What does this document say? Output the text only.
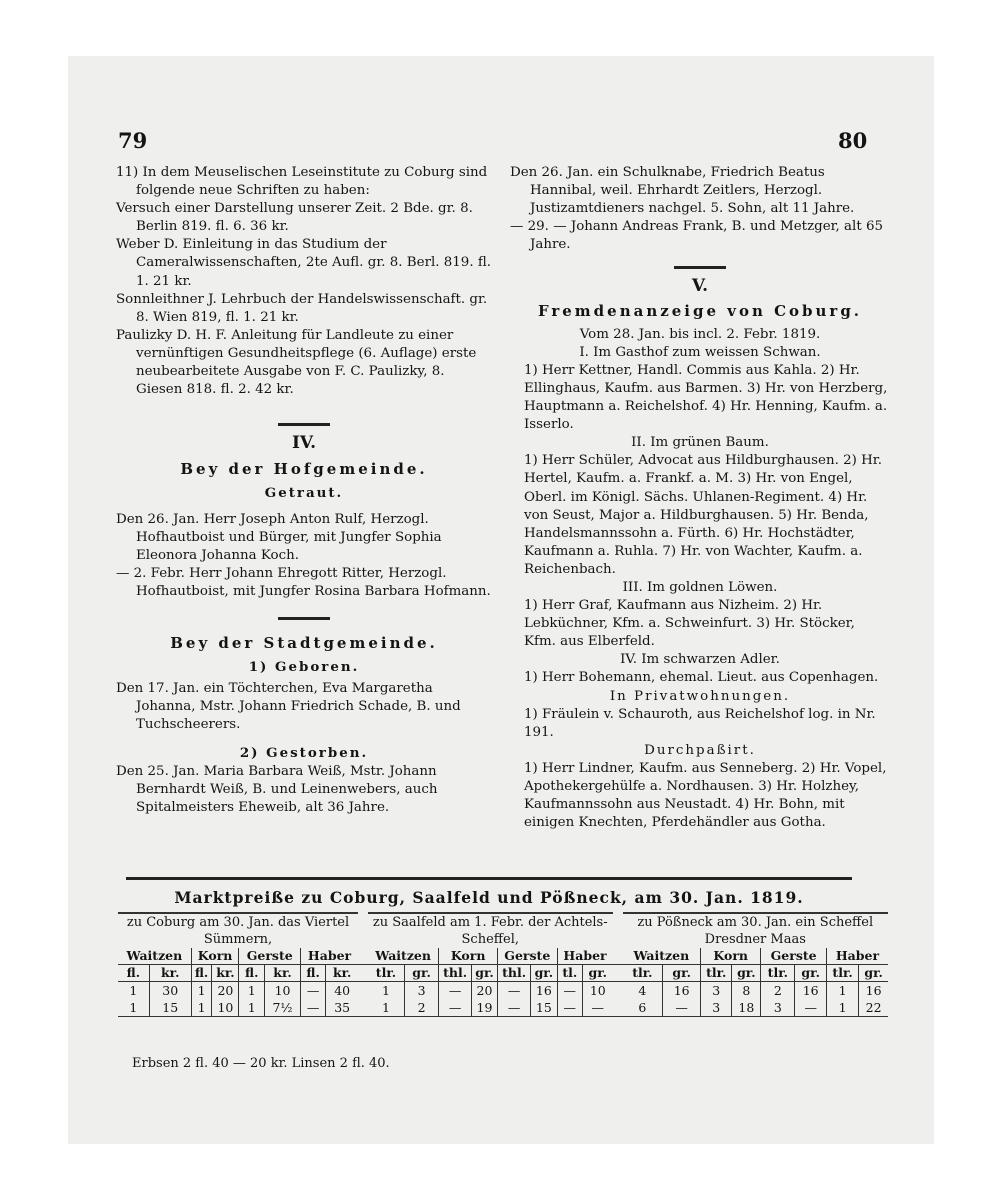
79	80

11) In dem Meuselischen Leseinstitute zu Coburg sind folgende neue Schriften zu haben:

Versuch einer Darstellung unserer Zeit. 2 Bde. gr. 8. Berlin 819. fl. 6. 36 kr.

Weber D. Einleitung in das Studium der Cameralwissenschaften, 2te Aufl. gr. 8. Berl. 819. fl. 1. 21 kr.

Sonnleithner J. Lehrbuch der Handelswissenschaft. gr. 8. Wien 819, fl. 1. 21 kr.

Paulizky D. H. F. Anleitung für Landleute zu einer vernünftigen Gesundheitspflege (6. Auflage) erste neubearbeitete Ausgabe von F. C. Paulizky, 8. Giesen 818. fl. 2. 42 kr.

IV.

Bey der Hofgemeinde.

Getraut.

Den 26. Jan. Herr Joseph Anton Rulf, Herzogl. Hofhautboist und Bürger, mit Jungfer Sophia Eleonora Johanna Koch.

— 2. Febr. Herr Johann Ehregott Ritter, Herzogl. Hofhautboist, mit Jungfer Rosina Barbara Hofmann.

Bey der Stadtgemeinde.

1) Geboren.

Den 17. Jan. ein Töchterchen, Eva Margaretha Johanna, Mstr. Johann Friedrich Schade, B. und Tuchscheerers.

2) Gestorben.

Den 25. Jan. Maria Barbara Weiß, Mstr. Johann Bernhardt Weiß, B. und Leinenwebers, auch Spitalmeisters Eheweib, alt 36 Jahre.

Den 26. Jan. ein Schulknabe, Friedrich Beatus Hannibal, weil. Ehrhardt Zeitlers, Herzogl. Justizamtdieners nachgel. 5. Sohn, alt 11 Jahre.

— 29. — Johann Andreas Frank, B. und Metzger, alt 65 Jahre.

V.

Fremdenanzeige von Coburg.

Vom 28. Jan. bis incl. 2. Febr. 1819.

I. Im Gasthof zum weissen Schwan.

1) Herr Kettner, Handl. Commis aus Kahla. 2) Hr. Ellinghaus, Kaufm. aus Barmen. 3) Hr. von Herzberg, Hauptmann a. Reichelshof. 4) Hr. Henning, Kaufm. a. Isserlo.

II. Im grünen Baum.

1) Herr Schüler, Advocat aus Hildburghausen. 2) Hr. Hertel, Kaufm. a. Frankf. a. M. 3) Hr. von Engel, Oberl. im Königl. Sächs. Uhlanen-Regiment. 4) Hr. von Seust, Major a. Hildburghausen. 5) Hr. Benda, Handelsmannssohn a. Fürth. 6) Hr. Hochstädter, Kaufmann a. Ruhla. 7) Hr. von Wachter, Kaufm. a. Reichenbach.

III. Im goldnen Löwen.

1) Herr Graf, Kaufmann aus Nizheim. 2) Hr. Lebküchner, Kfm. a. Schweinfurt. 3) Hr. Stöcker, Kfm. aus Elberfeld.

IV. Im schwarzen Adler.

1) Herr Bohemann, ehemal. Lieut. aus Copenhagen.

In Privatwohnungen.

1) Fräulein v. Schauroth, aus Reichelshof log. in Nr. 191.

Durchpaßirt.

1) Herr Lindner, Kaufm. aus Senneberg. 2) Hr. Vopel, Apothekergehülfe a. Nordhausen. 3) Hr. Holzhey, Kaufmannssohn aus Neustadt. 4) Hr. Bohn, mit einigen Knechten, Pferdehändler aus Gotha.

Marktpreiße zu Coburg, Saalfeld und Pößneck, am 30. Jan. 1819.
zu Coburg am 30. Jan. das Viertel Sümmern,									zu Saalfeld am 1. Febr. der Achtels-Scheffel,									zu Pößneck am 30. Jan. ein Scheffel Dresdner Maas							
Waitzen		Korn		Gerste		Haber			Waitzen		Korn		Gerste		Haber			Waitzen		Korn		Gerste		Haber	
fl.	kr.	fl.	kr.	fl.	kr.	fl.	kr.		tlr.	gr.	thl.	gr.	thl.	gr.	tl.	gr.		tlr.	gr.	tlr.	gr.	tlr.	gr.	tlr.	gr.
1	30	1	20	1	10	—	40		1	3	—	20	—	16	—	10		4	16	3	8	2	16	1	16
1	15	1	10	1	7½	—	35		1	2	—	19	—	15	—	—		6	—	3	18	3	—	1	22
Erbsen 2 fl. 40 — 20 kr. Linsen 2 fl. 40.
